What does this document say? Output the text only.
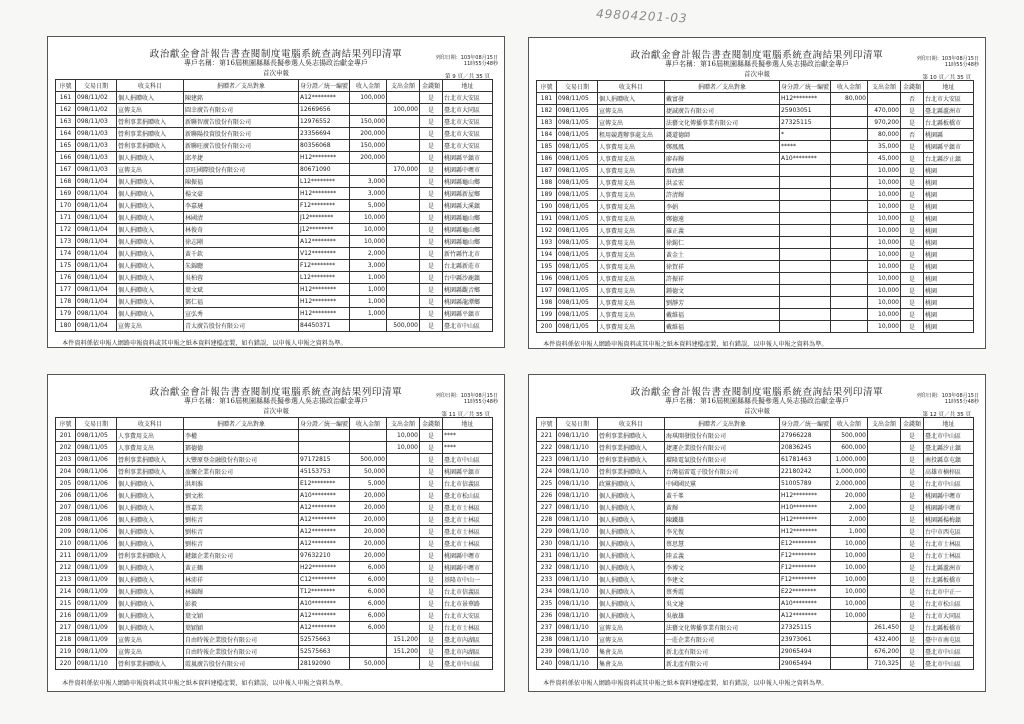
49804201-03
政治獻金會計報告書查閱制度電腦系統查詢結果列印清單
專戶名稱：第16屆桃園縣縣長擬參選人吳志揚政治獻金專戶
首次申報
列印日期：103年08月15日
11時55分48秒
第 9 頁／共 35 頁
序號	交易日期	收支科目	捐贈者／支出對象	身分證／統一編號	收入金額	支出金額	金錢類	地址
161	098/11/02	個人捐贈收入	陳建銘	A12********	100,000		是	台北市大安區
162	098/11/02	宣傳支出	圓幸廣告有限公司	12669656		100,000	是	臺北市大同區
163	098/11/03	營利事業捐贈收入	新聯智廣告股份有限公司	12976552	150,000		是	臺北市大安區
164	098/11/03	營利事業捐贈收入	新聯陽投資股份有限公司	23356694	200,000		是	臺北市大安區
165	098/11/03	營利事業捐贈收入	新聯旺廣告股份有限公司	80356068	150,000		是	臺北市大安區
166	098/11/03	個人捐贈收入	邱孝捷	H12********	200,000		是	桃園縣平鎮市
167	098/11/03	宣傳支出	京旺國際股份有限公司	80671090		170,000	是	桃園縣中壢市
168	098/11/04	個人捐贈收入	陳振福	L12********	3,000		是	桃園縣龜山鄉
169	098/11/04	個人捐贈收入	楊文豪	H12********	3,000		是	桃園縣新屋鄉
170	098/11/04	個人捐贈收入	李嘉璉	F12********	5,000		是	桃園縣大溪鎮
171	098/11/04	個人捐贈收入	林國清	J12********	10,000		是	桃園縣龜山鄉
172	098/11/04	個人捐贈收入	林俊奇	J12********	10,000		是	桃園縣龜山鄉
173	098/11/04	個人捐贈收入	徐志剛	A12********	10,000		是	桃園縣龜山鄉
174	098/11/04	個人捐贈收入	黃千欽	V12********	2,000		是	新竹縣竹北市
175	098/11/04	個人捐贈收入	朱錦聰	F12********	3,000		是	台北縣新莊市
176	098/11/04	個人捐贈收入	吳柏蓉	L12********	1,000		是	台中縣沙鹿鎮
177	098/11/04	個人捐贈收入	葉文斌	H12********	1,000		是	桃園縣觀音鄉
178	098/11/04	個人捐贈收入	鄧仁福	H12********	1,000		是	桃園縣龍潭鄉
179	098/11/04	個人捐贈收入	宣弘秀	H12********	1,000		是	桃園縣平鎮市
180	098/11/04	宣傳支出	青太廣告股份有限公司	84450371		500,000	是	臺北市中山區
本件資料係依申報人網路申報資料或其申報之紙本資料建檔產製，如有錯誤，以申報人申報之資料為準。
政治獻金會計報告書查閱制度電腦系統查詢結果列印清單
專戶名稱：第16屆桃園縣縣長擬參選人吳志揚政治獻金專戶
首次申報
列印日期：103年08月15日
11時55分48秒
第 10 頁／共 35 頁
序號	交易日期	收支科目	捐贈者／支出對象	身分證／統一編號	收入金額	支出金額	金錢類	地址
181	098/11/05	個人捐贈收入	戴富發	H12********	80,000		否	台北市大安區
182	098/11/05	宣傳支出	捷誠廣告有限公司	25903051		470,000	是	臺北縣蘆洲市
183	098/11/05	宣傳支出	法藝文化傳播事業有限公司	27325115		970,200	是	台北縣板橋市
184	098/11/05	租用競選辦事處支出	錢道德師	*		80,000	否	桃園縣
185	098/11/05	人事費用支出	鄭鳳鳳	*****		35,000	是	桃園縣平鎮市
186	098/11/05	人事費用支出	廖春輝	A10********		45,000	是	台北縣汐止鎮
187	098/11/05	人事費用支出	詹政緯			10,000	是	桃園
188	098/11/05	人事費用支出	洪孟宏			10,000	是	桃園
189	098/11/05	人事費用支出	許清輝			10,000	是	桃園
190	098/11/05	人事費用支出	李娟			10,000	是	桃園
191	098/11/05	人事費用支出	鄭德遠			10,000	是	桃園
192	098/11/05	人事費用支出	羅正義			10,000	是	桃園
193	098/11/05	人事費用支出	徐錫仁			10,000	是	桃園
194	098/11/05	人事費用支出	黃金土			10,000	是	桃園
195	098/11/05	人事費用支出	徐賀祥			10,000	是	桃園
196	098/11/05	人事費用支出	許振祥			10,000	是	桃園
197	098/11/05	人事費用支出	鍾德文			10,000	是	桃園
198	098/11/05	人事費用支出	劉靜芳			10,000	是	桃園
199	098/11/05	人事費用支出	戴維福			10,000	是	桃園
200	098/11/05	人事費用支出	戴維福			10,000	是	桃園
本件資料係依申報人網路申報資料或其申報之紙本資料建檔產製，如有錯誤，以申報人申報之資料為準。
政治獻金會計報告書查閱制度電腦系統查詢結果列印清單
專戶名稱：第16屆桃園縣縣長擬參選人吳志揚政治獻金專戶
首次申報
列印日期：103年08月15日
11時55分48秒
第 11 頁／共 35 頁
序號	交易日期	收支科目	捐贈者／支出對象	身分證／統一編號	收入金額	支出金額	金錢類	地址
201	098/11/05	人事費用支出	李權			10,000	是	****
202	098/11/05	人事費用支出	鄧德德			10,000	是	****
203	098/11/06	營利事業捐贈收入	大豐原登金融股份有限公司	97172815	500,000		是	臺北市中山區
204	098/11/06	營利事業捐贈收入	旅螺企業有限公司	45153753	50,000		是	桃園縣平鎮市
205	098/11/06	個人捐贈收入	洪圳淮	E12********	5,000		是	台北市信義區
206	098/11/06	個人捐贈收入	劉文淞	A10********	20,000		是	臺北市松山區
207	098/11/06	個人捐贈收入	蔡嘉美	A12********	20,000		是	臺北市士林區
208	098/11/06	個人捐贈收入	劉桂音	A12********	20,000		是	臺北市士林區
209	098/11/06	個人捐贈收入	劉桂音	A12********	20,000		是	臺北市士林區
210	098/11/06	個人捐贈收入	劉桂音	A12********	20,000		是	臺北市士林區
211	098/11/09	營利事業捐贈收入	鍵鎮企業有限公司	97632210	20,000		是	桃園縣中壢市
212	098/11/09	個人捐贈收入	黃正鶴	H22********	6,000		是	桃園縣中壢市
213	098/11/09	個人捐贈收入	林沛祥	C12********	6,000		是	基隆市中山一
214	098/11/09	個人捐贈收入	林錦輝	T12********	6,000		是	台北市信義區
215	098/11/09	個人捐贈收入	彭毅	A10********	6,000		是	台北市景華路
216	098/11/09	個人捐贈收入	葉文穎	A12********	6,000		是	台北市大安區
217	098/11/09	個人捐贈收入	葉穎穎	A12********	6,000		是	台北市士林區
218	098/11/09	宣傳支出	自由時報企業股份有限公司	52575663		151,200	是	臺北市內湖區
219	098/11/09	宣傳支出	自由時報企業股份有限公司	52575663		151,200	是	臺北市內湖區
220	098/11/10	營利事業捐贈收入	霞嵐廣告股份有限公司	28192090	50,000		是	臺北市中山區
本件資料係依申報人網路申報資料或其申報之紙本資料建檔產製，如有錯誤，以申報人申報之資料為準。
政治獻金會計報告書查閱制度電腦系統查詢結果列印清單
專戶名稱：第16屆桃園縣縣長擬參選人吳志揚政治獻金專戶
首次申報
列印日期：103年08月15日
11時55分48秒
第 12 頁／共 35 頁
序號	交易日期	收支科目	捐贈者／支出對象	身分證／統一編號	收入金額	支出金額	金錢類	地址
221	098/11/10	營利事業捐贈收入	海琪開發股份有限公司	27966228	500,000		是	臺北市中山區
222	098/11/10	營利事業捐贈收入	捷運企業股份有限公司	20836245	600,000		是	臺北縣汐止鎮
223	098/11/10	營利事業捐贈收入	環隆電氣股份有限公司	61781463	1,000,000		是	南投縣草屯鎮
224	098/11/10	營利事業捐贈收入	台灣福雷電子股份有限公司	22180242	1,000,000		是	高雄市楠梓區
225	098/11/10	政黨捐贈收入	中國國民黨	51005789	2,000,000		是	台北市中山區
226	098/11/10	個人捐贈收入	黃千峯	H12********	20,000		是	桃園縣中壢市
227	098/11/10	個人捐贈收入	黃輝	H10********	2,000		是	桃園縣中壢市
228	098/11/10	個人捐贈收入	陳鐵雄	H12********	2,000		是	桃園縣楊梅鎮
229	098/11/10	個人捐贈收入	李光復	H12********	1,000		是	台中市西屯區
230	098/11/10	個人捐贈收入	蔡思慧	E12********	10,000		是	台北市士林區
231	098/11/10	個人捐贈收入	陸孟義	F12********	10,000		是	台北市士林區
232	098/11/10	個人捐贈收入	李博文	F12********	10,000		是	台北縣蘆洲市
233	098/11/10	個人捐贈收入	李建文	F12********	10,000		是	台北縣板橋市
234	098/11/10	個人捐贈收入	蔡秀霞	E22********	10,000		是	台北市中正一
235	098/11/10	個人捐贈收入	吳文達	A10********	10,000		是	台北市松山區
236	098/11/10	個人捐贈收入	吳敏雄	A12********	10,000		是	台北市大同區
237	098/11/10	宣傳支出	法藝文化傳播事業有限公司	27325115		261,450	是	台北縣板橋市
238	098/11/10	宣傳支出	一莊企業有限公司	23973061		432,400	是	臺中市南屯區
239	098/11/10	集會支出	新北產有限公司	29065494		676,200	是	臺北市中山區
240	098/11/10	集會支出	新北產有限公司	29065494		710,325	是	臺北市中山區
本件資料係依申報人網路申報資料或其申報之紙本資料建檔產製，如有錯誤，以申報人申報之資料為準。
